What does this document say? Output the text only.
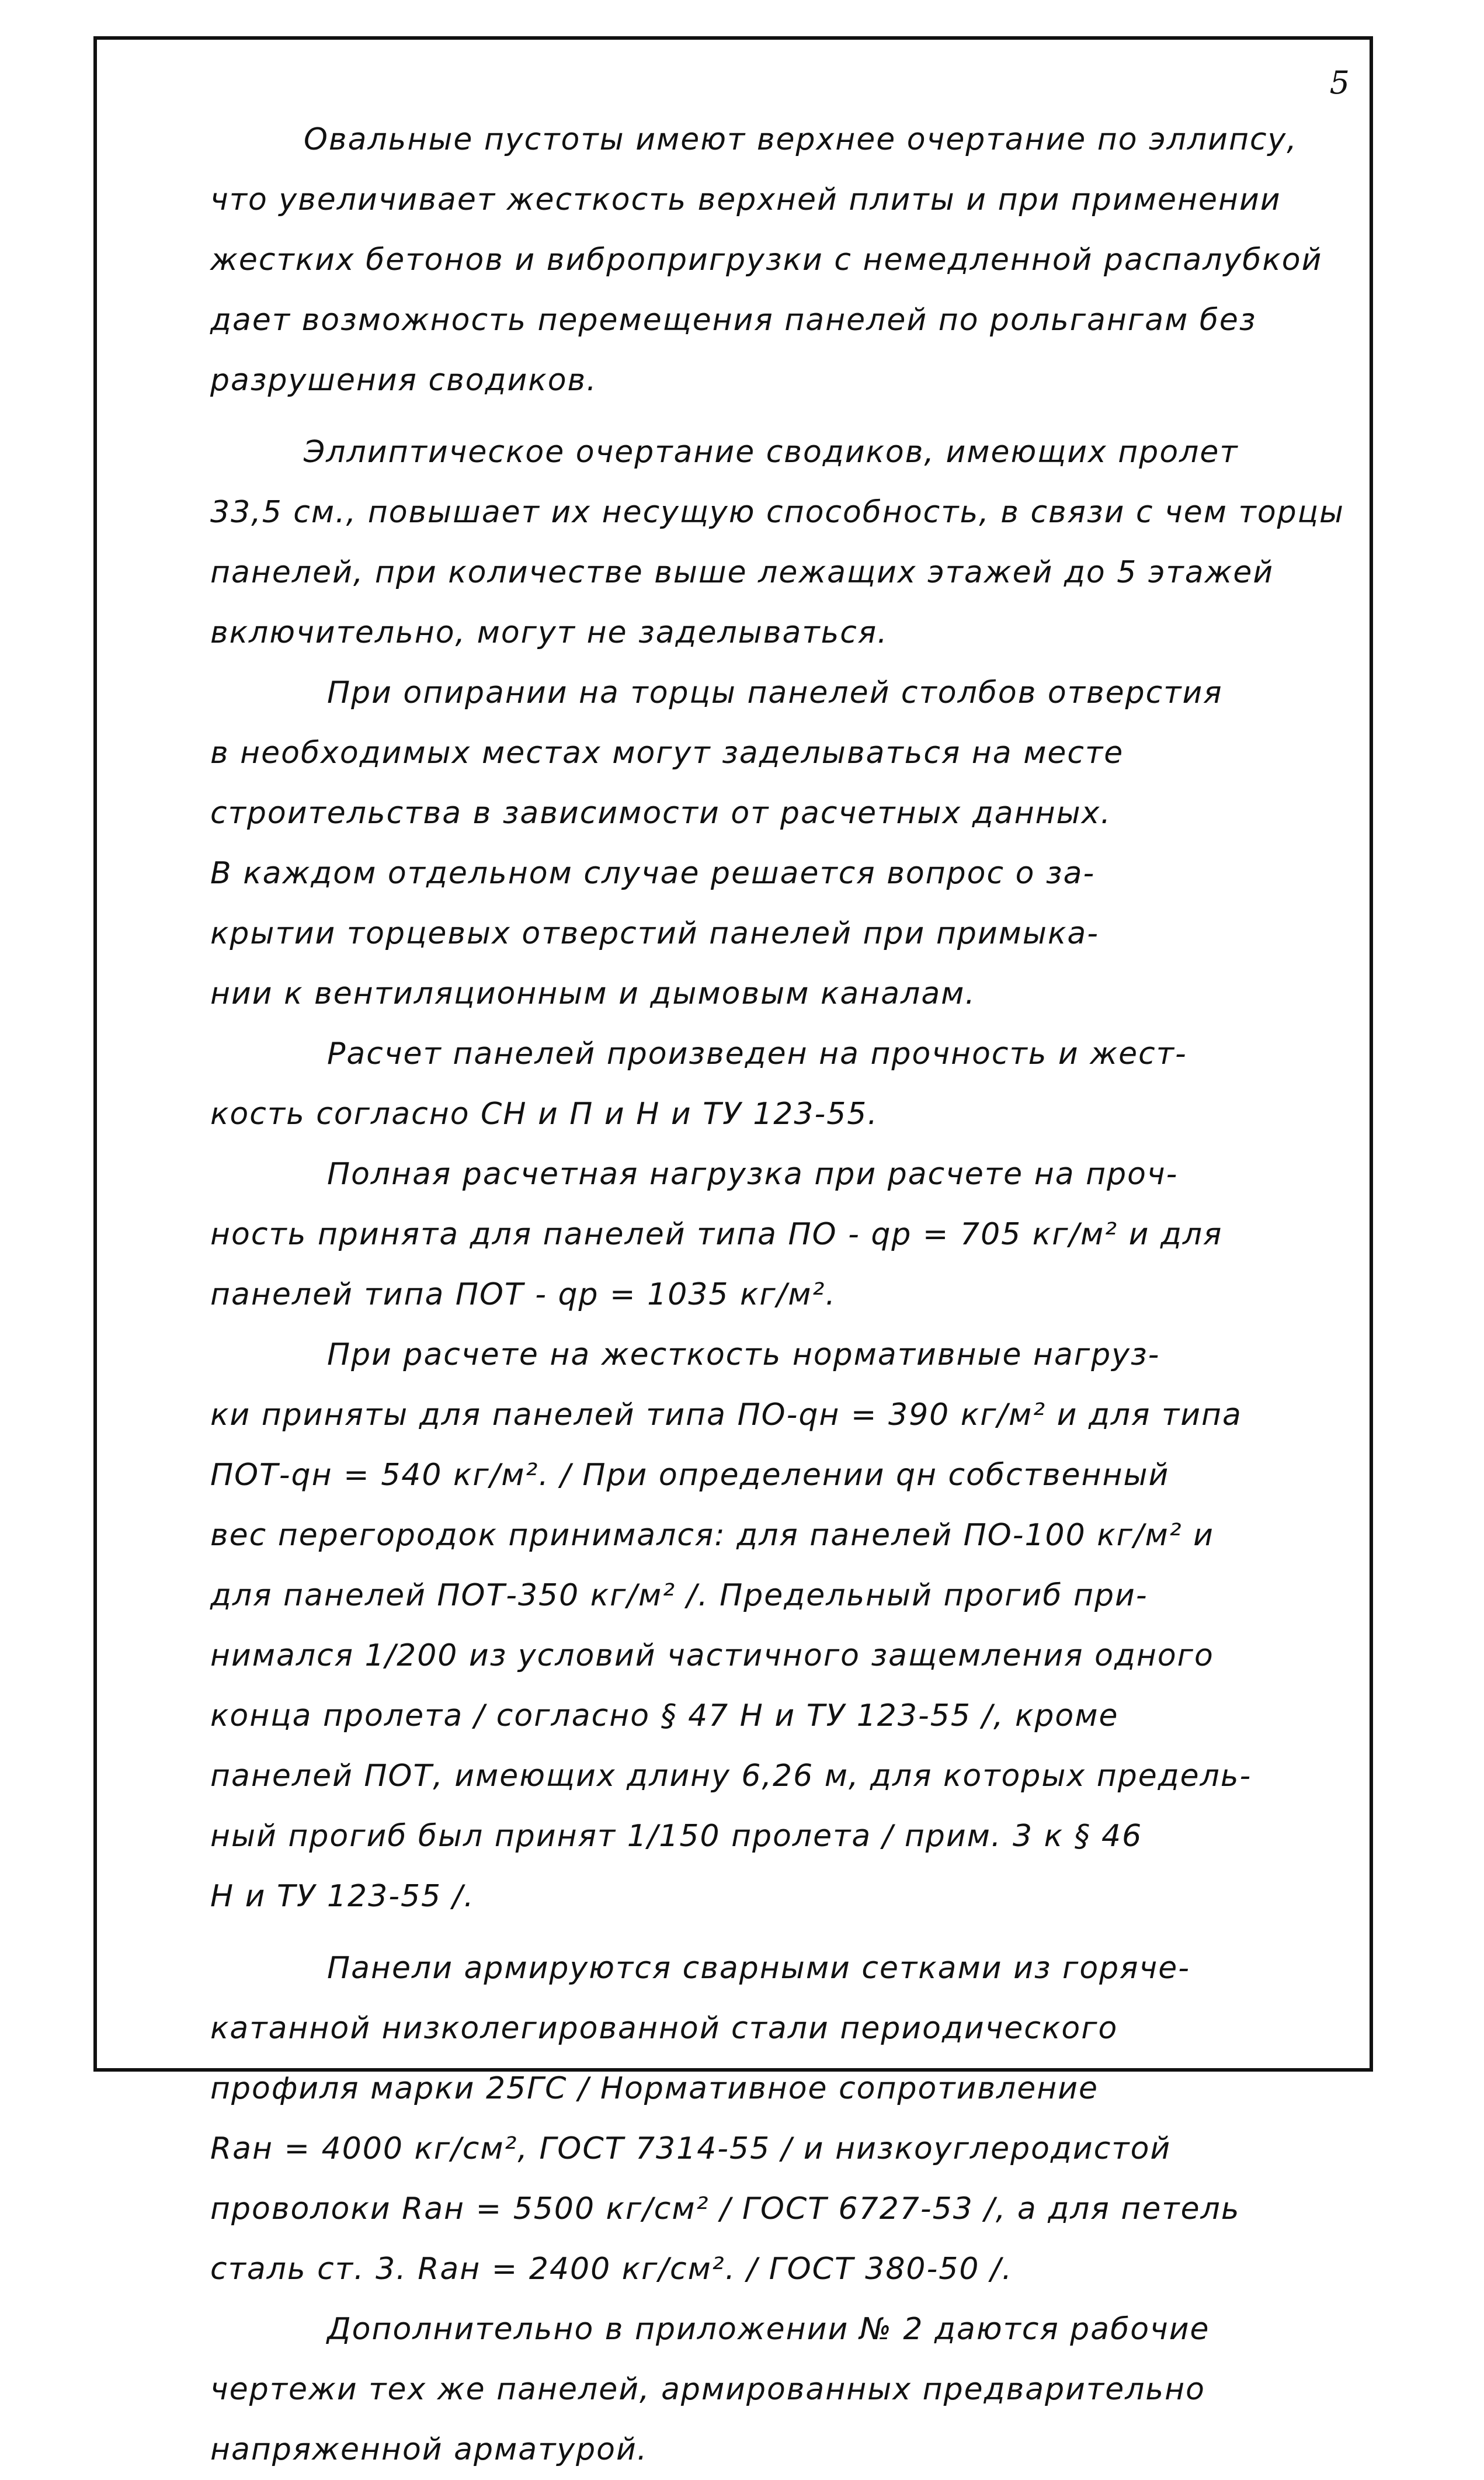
5
Овальные пустоты имеют верхнее очертание по эллипсу,
что увеличивает жесткость верхней плиты и при применении
жестких бетонов и вибропригрузки с немедленной распалубкой
дает возможность перемещения панелей по рольгангам без
разрушения сводиков.
Эллиптическое очертание сводиков, имеющих пролет
33,5 см., повышает их несущую способность, в связи с чем торцы
панелей, при количестве выше лежащих этажей до 5 этажей
включительно, могут не заделываться.
При опирании на торцы панелей столбов отверстия
в необходимых местах могут заделываться на месте
строительства в зависимости от расчетных данных.
В каждом отдельном случае решается вопрос о за-
крытии торцевых отверстий панелей при примыка-
нии к вентиляционным и дымовым каналам.
Расчет панелей произведен на прочность и жест-
кость согласно СН и П и Н и ТУ 123-55.
Полная расчетная нагрузка при расчете на проч-
ность принята для панелей типа ПО - qр = 705 кг/м² и для
панелей типа ПОТ - qр = 1035 кг/м².
При расчете на жесткость нормативные нагруз-
ки приняты для панелей типа ПО-qн = 390 кг/м² и для типа
ПОТ-qн = 540 кг/м². / При определении qн собственный
вес перегородок принимался: для панелей ПО-100 кг/м² и
для панелей ПОТ-350 кг/м² /. Предельный прогиб при-
нимался 1/200 из условий частичного защемления одного
конца пролета / согласно § 47 Н и ТУ 123-55 /, кроме
панелей ПОТ, имеющих длину 6,26 м, для которых предель-
ный прогиб был принят 1/150 пролета / прим. 3 к § 46
Н и ТУ 123-55 /.
Панели армируются сварными сетками из горяче-
катанной низколегированной стали периодического
профиля марки 25ГС / Нормативное сопротивление
Rан = 4000 кг/см², ГОСТ 7314-55 / и низкоуглеродистой
проволоки Rан = 5500 кг/см² / ГОСТ 6727-53 /, а для петель
сталь ст. 3. Rан = 2400 кг/см². / ГОСТ 380-50 /.
Дополнительно в приложении № 2 даются рабочие
чертежи тех же панелей, армированных предварительно
напряженной арматурой.
